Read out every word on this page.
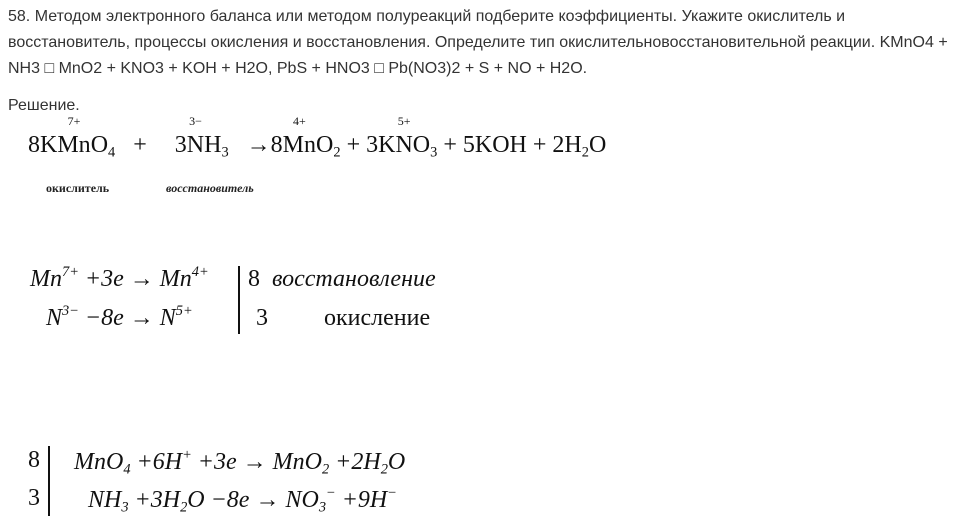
58. Методом электронного баланса или методом полуреакций подберите коэффициенты. Укажите окислитель и восстановитель, процессы окисления и восстановления. Определите тип окислительновосстановительной реакции. KMnO4 + NH3 □ MnO2 + KNO3 + KOH + H2O, PbS + HNO3 □ Pb(NO3)2 + S + NO + H2O.
Решение.
8K
7+
MnO$_4$ + 3
3−
$NH_3 \to 8$
4+
MnO$_2$ + 3K
5+
$NO_3 + 5KOH + 2H_2O$
окислитель	восстановитель
$Mn^{7+} +3e \to Mn^{4+}$
$N^{3-} -8e \to N^{5+}$
8 восстановление
3 окисление
8
3
$MnO_4 +6H^+ +3e \to MnO_2 +2H_2O$
$NH_3 +3H_2O -8e \to NO_3^- +9H^-$
